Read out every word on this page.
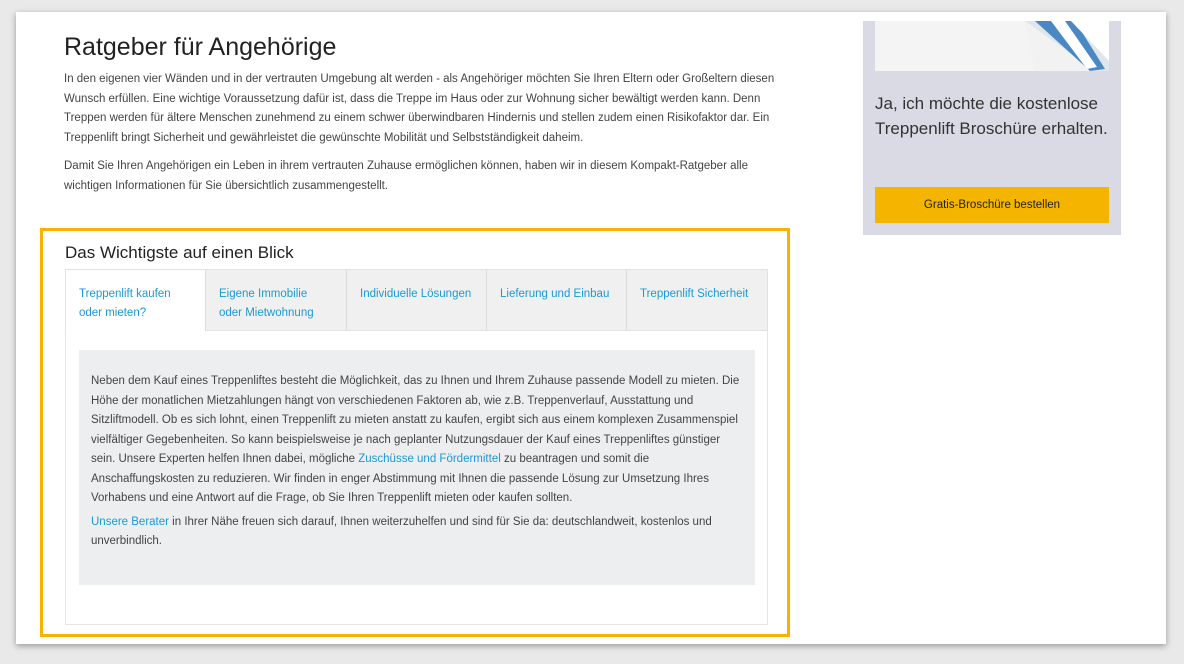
Ratgeber für Angehörige

In den eigenen vier Wänden und in der vertrauten Umgebung alt werden - als Angehöriger möchten Sie Ihren Eltern oder Großeltern diesen Wunsch erfüllen. Eine wichtige Voraussetzung dafür ist, dass die Treppe im Haus oder zur Wohnung sicher bewältigt werden kann. Denn Treppen werden für ältere Menschen zunehmend zu einem schwer überwindbaren Hindernis und stellen zudem einen Risikofaktor dar. Ein Treppenlift bringt Sicherheit und gewährleistet die gewünschte Mobilität und Selbstständigkeit daheim.

Damit Sie Ihren Angehörigen ein Leben in ihrem vertrauten Zuhause ermöglichen können, haben wir in diesem Kompakt-Ratgeber alle wichtigen Informationen für Sie übersichtlich zusammengestellt.

Das Wichtigste auf einen Blick
Treppenlift kaufen
oder mieten?
Eigene Immobilie
oder Mietwohnung
Individuelle Lösungen Lieferung und Einbau	Treppenlift Sicherheit

Neben dem Kauf eines Treppenliftes besteht die Möglichkeit, das zu Ihnen und Ihrem Zuhause passende Modell zu mieten. Die Höhe der monatlichen Mietzahlungen hängt von verschiedenen Faktoren ab, wie z.B. Treppenverlauf, Ausstattung und Sitzliftmodell. Ob es sich lohnt, einen Treppenlift zu mieten anstatt zu kaufen, ergibt sich aus einem komplexen Zusammenspiel vielfältiger Gegebenheiten. So kann beispielsweise je nach geplanter Nutzungsdauer der Kauf eines Treppenliftes günstiger sein. Unsere Experten helfen Ihnen dabei, mögliche Zuschüsse und Fördermittel zu beantragen und somit die Anschaffungskosten zu reduzieren. Wir finden in enger Abstimmung mit Ihnen die passende Lösung zur Umsetzung Ihres Vorhabens und eine Antwort auf die Frage, ob Sie Ihren Treppenlift mieten oder kaufen sollten.

Unsere Berater in Ihrer Nähe freuen sich darauf, Ihnen weiterzuhelfen und sind für Sie da: deutschlandweit, kostenlos und unverbindlich.

Ja, ich möchte die kostenlose Treppenlift Broschüre erhalten.
Gratis-Broschüre bestellen
